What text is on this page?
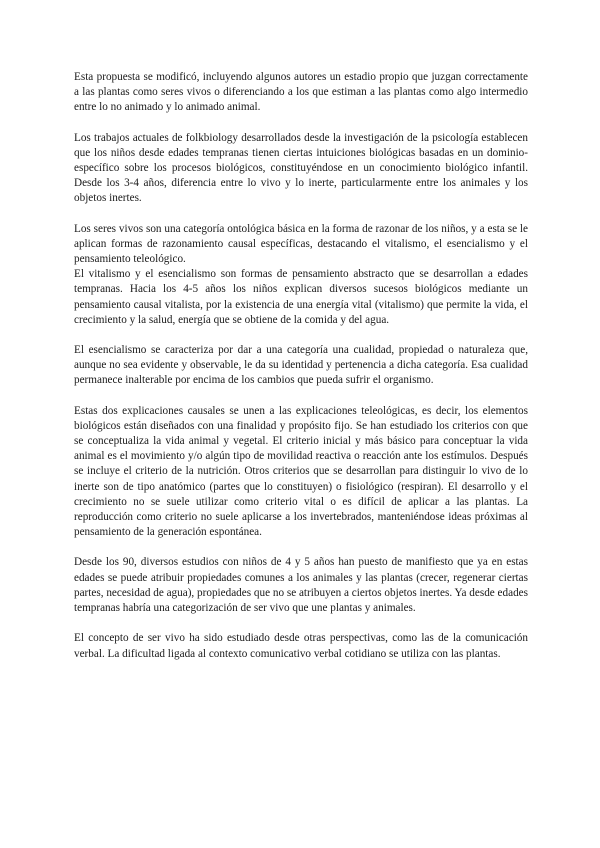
Esta propuesta se modificó, incluyendo algunos autores un estadio propio que juzgan correctamente a las plantas como seres vivos o diferenciando a los que estiman a las plantas como algo intermedio entre lo no animado y lo animado animal.

Los trabajos actuales de folkbiology desarrollados desde la investigación de la psicología establecen que los niños desde edades tempranas tienen ciertas intuiciones biológicas basadas en un dominio-específico sobre los procesos biológicos, constituyéndose en un conocimiento biológico infantil. Desde los 3-4 años, diferencia entre lo vivo y lo inerte, particularmente entre los animales y los objetos inertes.

Los seres vivos son una categoría ontológica básica en la forma de razonar de los niños, y a esta se le aplican formas de razonamiento causal específicas, destacando el vitalismo, el esencialismo y el pensamiento teleológico.

El vitalismo y el esencialismo son formas de pensamiento abstracto que se desarrollan a edades tempranas. Hacia los 4-5 años los niños explican diversos sucesos biológicos mediante un pensamiento causal vitalista, por la existencia de una energía vital (vitalismo) que permite la vida, el crecimiento y la salud, energía que se obtiene de la comida y del agua.

El esencialismo se caracteriza por dar a una categoría una cualidad, propiedad o naturaleza que, aunque no sea evidente y observable, le da su identidad y pertenencia a dicha categoría. Esa cualidad permanece inalterable por encima de los cambios que pueda sufrir el organismo.

Estas dos explicaciones causales se unen a las explicaciones teleológicas, es decir, los elementos biológicos están diseñados con una finalidad y propósito fijo. Se han estudiado los criterios con que se conceptualiza la vida animal y vegetal. El criterio inicial y más básico para conceptuar la vida animal es el movimiento y/o algún tipo de movilidad reactiva o reacción ante los estímulos. Después se incluye el criterio de la nutrición. Otros criterios que se desarrollan para distinguir lo vivo de lo inerte son de tipo anatómico (partes que lo constituyen) o fisiológico (respiran). El desarrollo y el crecimiento no se suele utilizar como criterio vital o es difícil de aplicar a las plantas. La reproducción como criterio no suele aplicarse a los invertebrados, manteniéndose ideas próximas al pensamiento de la generación espontánea.

Desde los 90, diversos estudios con niños de 4 y 5 años han puesto de manifiesto que ya en estas edades se puede atribuir propiedades comunes a los animales y las plantas (crecer, regenerar ciertas partes, necesidad de agua), propiedades que no se atribuyen a ciertos objetos inertes. Ya desde edades tempranas habría una categorización de ser vivo que une plantas y animales.

El concepto de ser vivo ha sido estudiado desde otras perspectivas, como las de la comunicación verbal. La dificultad ligada al contexto comunicativo verbal cotidiano se utiliza con las plantas.
